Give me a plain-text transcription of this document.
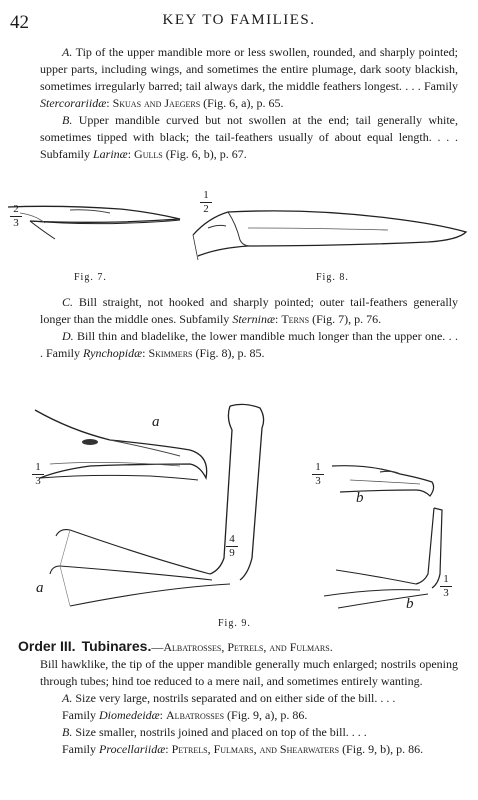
42	KEY TO FAMILIES.

A. Tip of the upper mandible more or less swollen, rounded, and sharply pointed; upper parts, including wings, and sometimes the entire plumage, dark sooty blackish, sometimes irregularly barred; tail always dark, the middle feathers longest. . . . Family Stercorariidæ: Skuas and Jaegers (Fig. 6, a), p. 65.

B. Upper mandible curved but not swollen at the end; tail generally white, sometimes tipped with black; the tail-feathers usually of about equal length. . . . Subfamily Larinæ: Gulls (Fig. 6, b), p. 67.

2
3
Fig. 7.
1
2
Fig. 8.

C. Bill straight, not hooked and sharply pointed; outer tail-feathers generally longer than the middle ones. Subfamily Sterninæ: Terns (Fig. 7), p. 76.

D. Bill thin and bladelike, the lower mandible much longer than the upper one. . . . Family Rynchopidæ: Skimmers (Fig. 8), p. 85.

a
1
3
4
9
a
1
3
b
1
3
b
Fig. 9.

Order III. Tubinares.—Albatrosses, Petrels, and Fulmars.

Bill hawklike, the tip of the upper mandible generally much enlarged; nostrils opening through tubes; hind toe reduced to a mere nail, and sometimes entirely wanting.

A. Size very large, nostrils separated and on either side of the bill. . . .
Family Diomedeidæ: Albatrosses (Fig. 9, a), p. 86.

B. Size smaller, nostrils joined and placed on top of the bill. . . .
Family Procellariidæ: Petrels, Fulmars, and Shearwaters (Fig. 9, b), p. 86.
